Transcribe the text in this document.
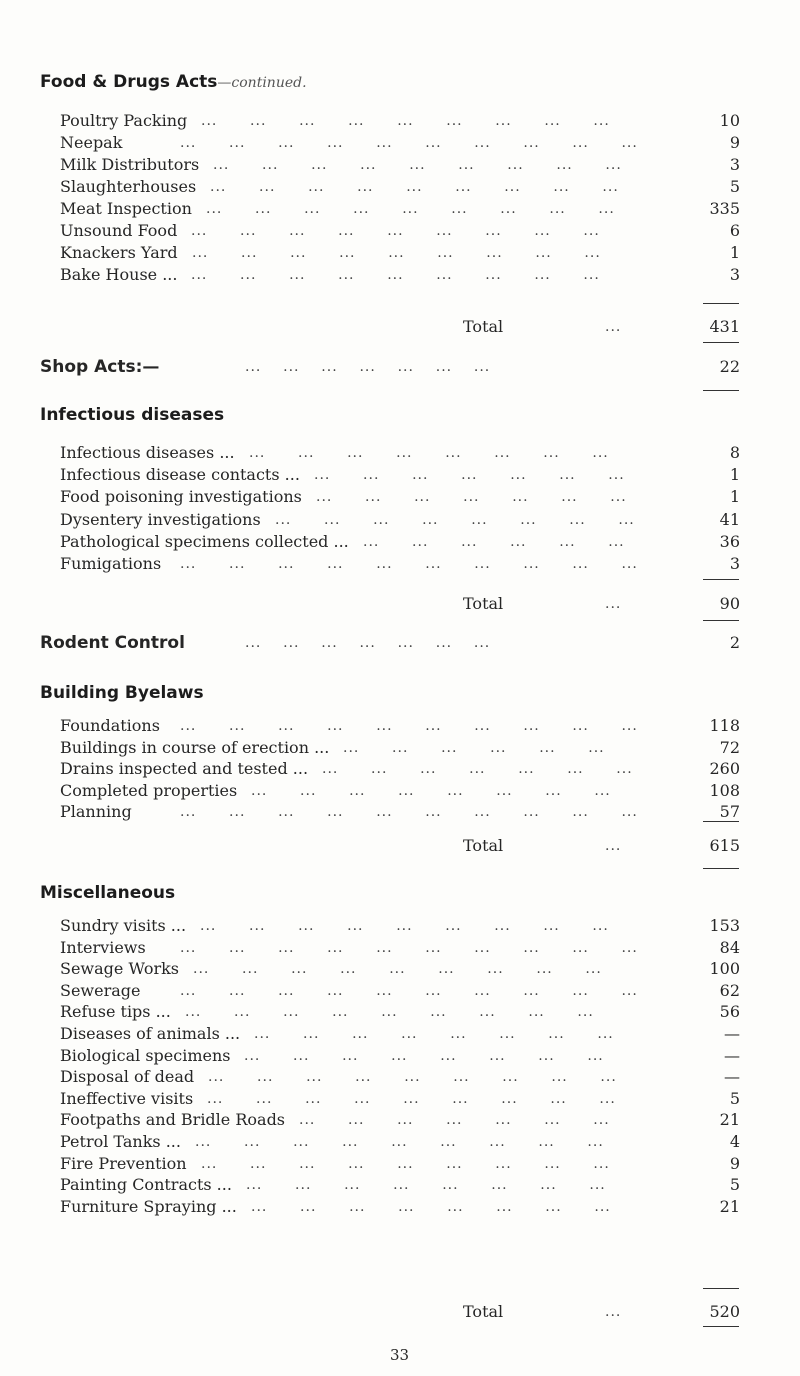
Food & Drugs Acts—continued.
Poultry Packing ...      ...      ...      ...      ...      ...      ...      ...      ...	10
Neepak	...      ...      ...      ...      ...      ...      ...      ...      ...      ...	9
Milk Distributors ...      ...      ...      ...      ...      ...      ...      ...      ...	3
Slaughterhouses ...      ...      ...      ...      ...      ...      ...      ...      ...	5
Meat Inspection ...      ...      ...      ...      ...      ...      ...      ...      ...	335
Unsound Food ...      ...      ...      ...      ...      ...      ...      ...      ...	6
Knackers Yard ...      ...      ...      ...      ...      ...      ...      ...      ...	1
Bake House ... ...      ...      ...      ...      ...      ...      ...      ...      ...	3
Total	...	431
Shop Acts:—	...    ...    ...    ...    ...    ...    ...	22
Infectious diseases
Infectious diseases ... ...      ...      ...      ...      ...      ...      ...      ...	8
Infectious disease contacts ... ...      ...      ...      ...      ...      ...      ...	1
Food poisoning investigations ...      ...      ...      ...      ...      ...      ...	1
Dysentery investigations ...      ...      ...      ...      ...      ...      ...      ...	41
Pathological specimens collected ... ...      ...      ...      ...      ...      ...	36
Fumigations ...      ...      ...      ...      ...      ...      ...      ...      ...      ...	3
Total	...	90
Rodent Control	...    ...    ...    ...    ...    ...    ...	2
Building Byelaws
Foundations ...      ...      ...      ...      ...      ...      ...      ...      ...      ...	118
Buildings in course of erection ... ...      ...      ...      ...      ...      ...	72
Drains inspected and tested ... ...      ...      ...      ...      ...      ...      ...	260
Completed properties ...      ...      ...      ...      ...      ...      ...      ...	108
Planning	...      ...      ...      ...      ...      ...      ...      ...      ...      ...	57
Total	...	615
Miscellaneous
Sundry visits ... ...      ...      ...      ...      ...      ...      ...      ...      ...	153
Interviews ...      ...      ...      ...      ...      ...      ...      ...      ...      ...	84
Sewage Works ...      ...      ...      ...      ...      ...      ...      ...      ...	100
Sewerage	...      ...      ...      ...      ...      ...      ...      ...      ...      ...	62
Refuse tips ... ...      ...      ...      ...      ...      ...      ...      ...      ...	56
Diseases of animals ... ...      ...      ...      ...      ...      ...      ...      ...	—
Biological specimens ...      ...      ...      ...      ...      ...      ...      ...	—
Disposal of dead ...      ...      ...      ...      ...      ...      ...      ...      ...	—
Ineffective visits ...      ...      ...      ...      ...      ...      ...      ...      ...	5
Footpaths and Bridle Roads ...      ...      ...      ...      ...      ...      ...	21
Petrol Tanks ... ...      ...      ...      ...      ...      ...      ...      ...      ...	4
Fire Prevention ...      ...      ...      ...      ...      ...      ...      ...      ...	9
Painting Contracts ... ...      ...      ...      ...      ...      ...      ...      ...	5
Furniture Spraying ... ...      ...      ...      ...      ...      ...      ...      ...	21
Total	...	520
33
